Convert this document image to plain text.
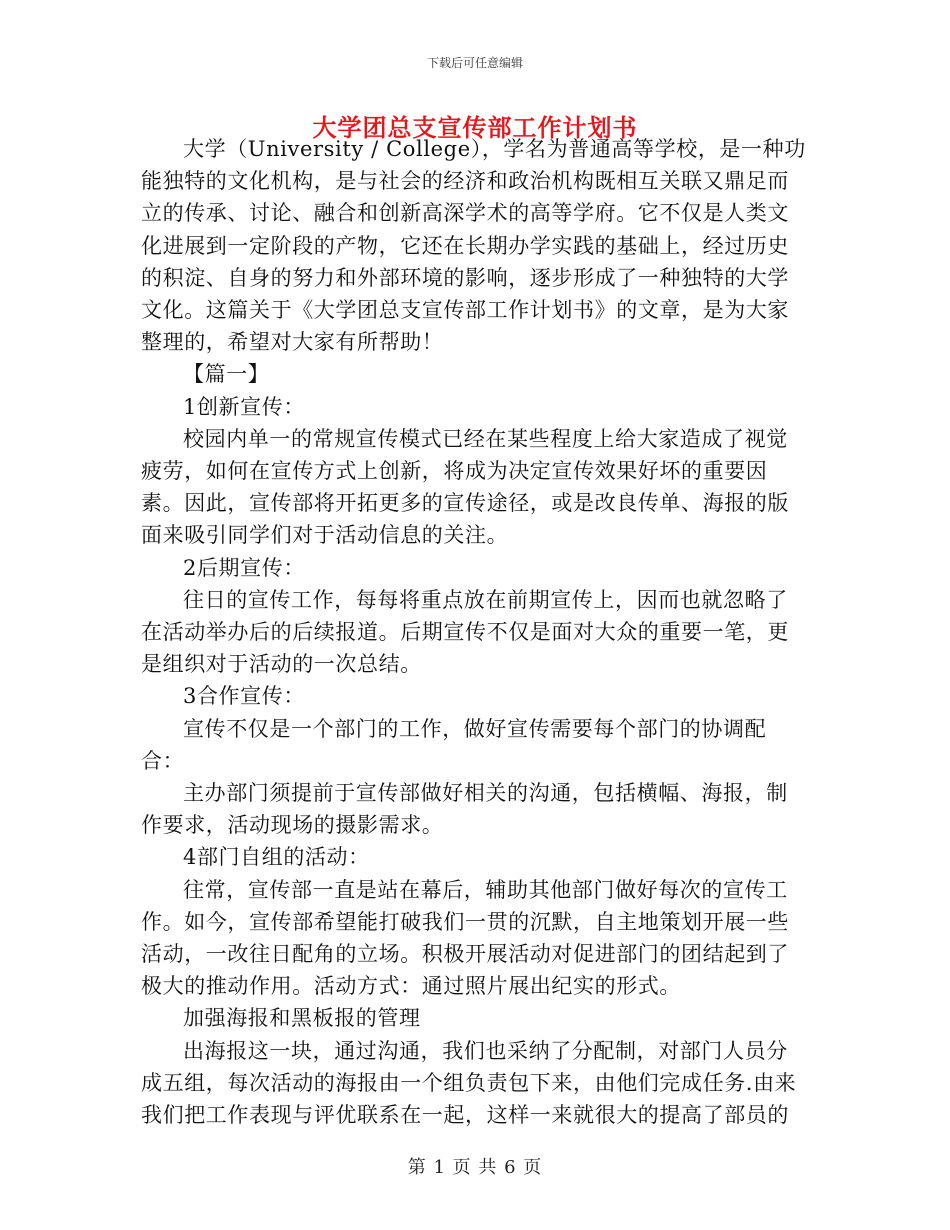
下载后可任意编辑
大学团总支宣传部工作计划书

大学（University / College），学名为普通高等学校，是一种功能独特的文化机构，是与社会的经济和政治机构既相互关联又鼎足而立的传承、讨论、融合和创新高深学术的高等学府。它不仅是人类文化进展到一定阶段的产物，它还在长期办学实践的基础上，经过历史的积淀、自身的努力和外部环境的影响，逐步形成了一种独特的大学文化。这篇关于《大学团总支宣传部工作计划书》的文章，是为大家整理的，希望对大家有所帮助！

【篇一】

1创新宣传：

校园内单一的常规宣传模式已经在某些程度上给大家造成了视觉疲劳，如何在宣传方式上创新，将成为决定宣传效果好坏的重要因素。因此，宣传部将开拓更多的宣传途径，或是改良传单、海报的版面来吸引同学们对于活动信息的关注。

2后期宣传：

往日的宣传工作，每每将重点放在前期宣传上，因而也就忽略了在活动举办后的后续报道。后期宣传不仅是面对大众的重要一笔，更是组织对于活动的一次总结。

3合作宣传：

宣传不仅是一个部门的工作，做好宣传需要每个部门的协调配合：

主办部门须提前于宣传部做好相关的沟通，包括横幅、海报，制作要求，活动现场的摄影需求。

4部门自组的活动：

往常，宣传部一直是站在幕后，辅助其他部门做好每次的宣传工作。如今，宣传部希望能打破我们一贯的沉默，自主地策划开展一些活动，一改往日配角的立场。积极开展活动对促进部门的团结起到了极大的推动作用。活动方式：通过照片展出纪实的形式。

加强海报和黑板报的管理

出海报这一块，通过沟通，我们也采纳了分配制，对部门人员分成五组，每次活动的海报由一个组负责包下来，由他们完成任务.由来我们把工作表现与评优联系在一起，这样一来就很大的提高了部员的

第 1 页 共 6 页
